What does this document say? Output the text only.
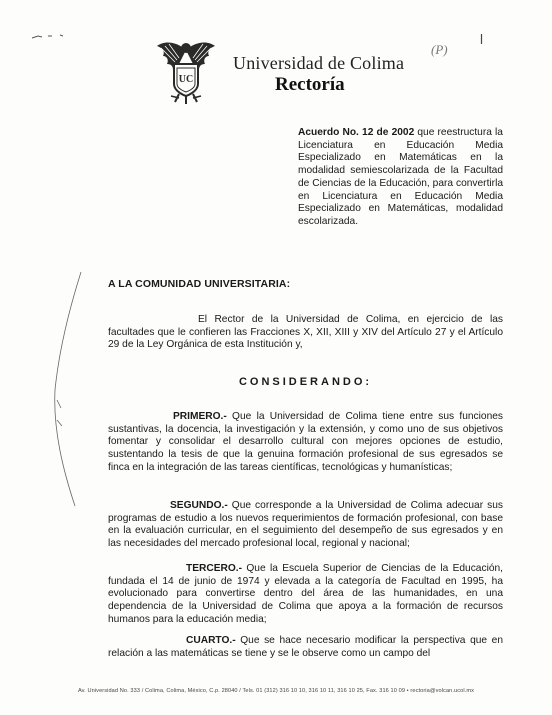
UC
Universidad de Colima
Rectoría
(P)
Acuerdo No. 12 de 2002 que reestructura la Licenciatura en Educación Media Especializado en Matemáticas en la modalidad semiescolarizada de la Facultad de Ciencias de la Educación, para convertirla en Licenciatura en Educación Media Especializado en Matemáticas, modalidad escolarizada.
A LA COMUNIDAD UNIVERSITARIA:
El Rector de la Universidad de Colima, en ejercicio de las facultades que le confieren las Fracciones X, XII, XIII y XIV del Artículo 27 y el Artículo 29 de la Ley Orgánica de esta Institución y,
CONSIDERANDO:
PRIMERO.- Que la Universidad de Colima tiene entre sus funciones sustantivas, la docencia, la investigación y la extensión, y como uno de sus objetivos fomentar y consolidar el desarrollo cultural con mejores opciones de estudio, sustentando la tesis de que la genuina formación profesional de sus egresados se finca en la integración de las tareas científicas, tecnológicas y humanísticas;
SEGUNDO.- Que corresponde a la Universidad de Colima adecuar sus programas de estudio a los nuevos requerimientos de formación profesional, con base en la evaluación curricular, en el seguimiento del desempeño de sus egresados y en las necesidades del mercado profesional local, regional y nacional;
TERCERO.- Que la Escuela Superior de Ciencias de la Educación, fundada el 14 de junio de 1974 y elevada a la categoría de Facultad en 1995, ha evolucionado para convertirse dentro del área de las humanidades, en una dependencia de la Universidad de Colima que apoya a la formación de recursos humanos para la educación media;
CUARTO.- Que se hace necesario modificar la perspectiva que en relación a las matemáticas se tiene y se le observe como un campo del
Av. Universidad No. 333 / Colima, Colima, México, C.p. 28040 / Tels. 01 (312) 316 10 10, 316 10 11, 316 10 25, Fax. 316 10 09 • rectoria@volcan.ucol.mx
